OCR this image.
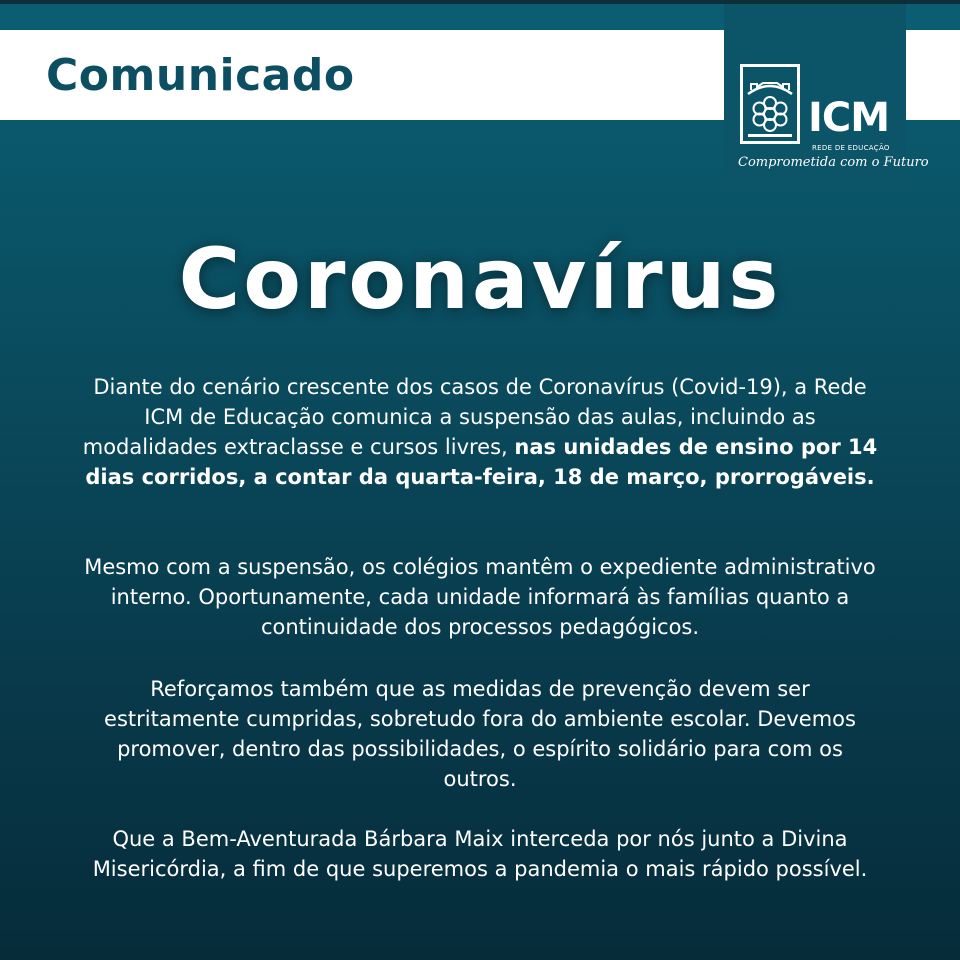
Comunicado
ICM
REDE DE EDUCAÇÃO
Comprometida com o Futuro
Coronavírus
Diante do cenário crescente dos casos de Coronavírus (Covid-19), a Rede ICM de Educação comunica a suspensão das aulas, incluindo as modalidades extraclasse e cursos livres, nas unidades de ensino por 14 dias corridos, a contar da quarta-feira, 18 de março, prorrogáveis.
Mesmo com a suspensão, os colégios mantêm o expediente administrativo interno. Oportunamente, cada unidade informará às famílias quanto a continuidade dos processos pedagógicos.
Reforçamos também que as medidas de prevenção devem ser estritamente cumpridas, sobretudo fora do ambiente escolar. Devemos promover, dentro das possibilidades, o espírito solidário para com os outros.
Que a Bem-Aventurada Bárbara Maix interceda por nós junto a Divina Misericórdia, a fim de que superemos a pandemia o mais rápido possível.
